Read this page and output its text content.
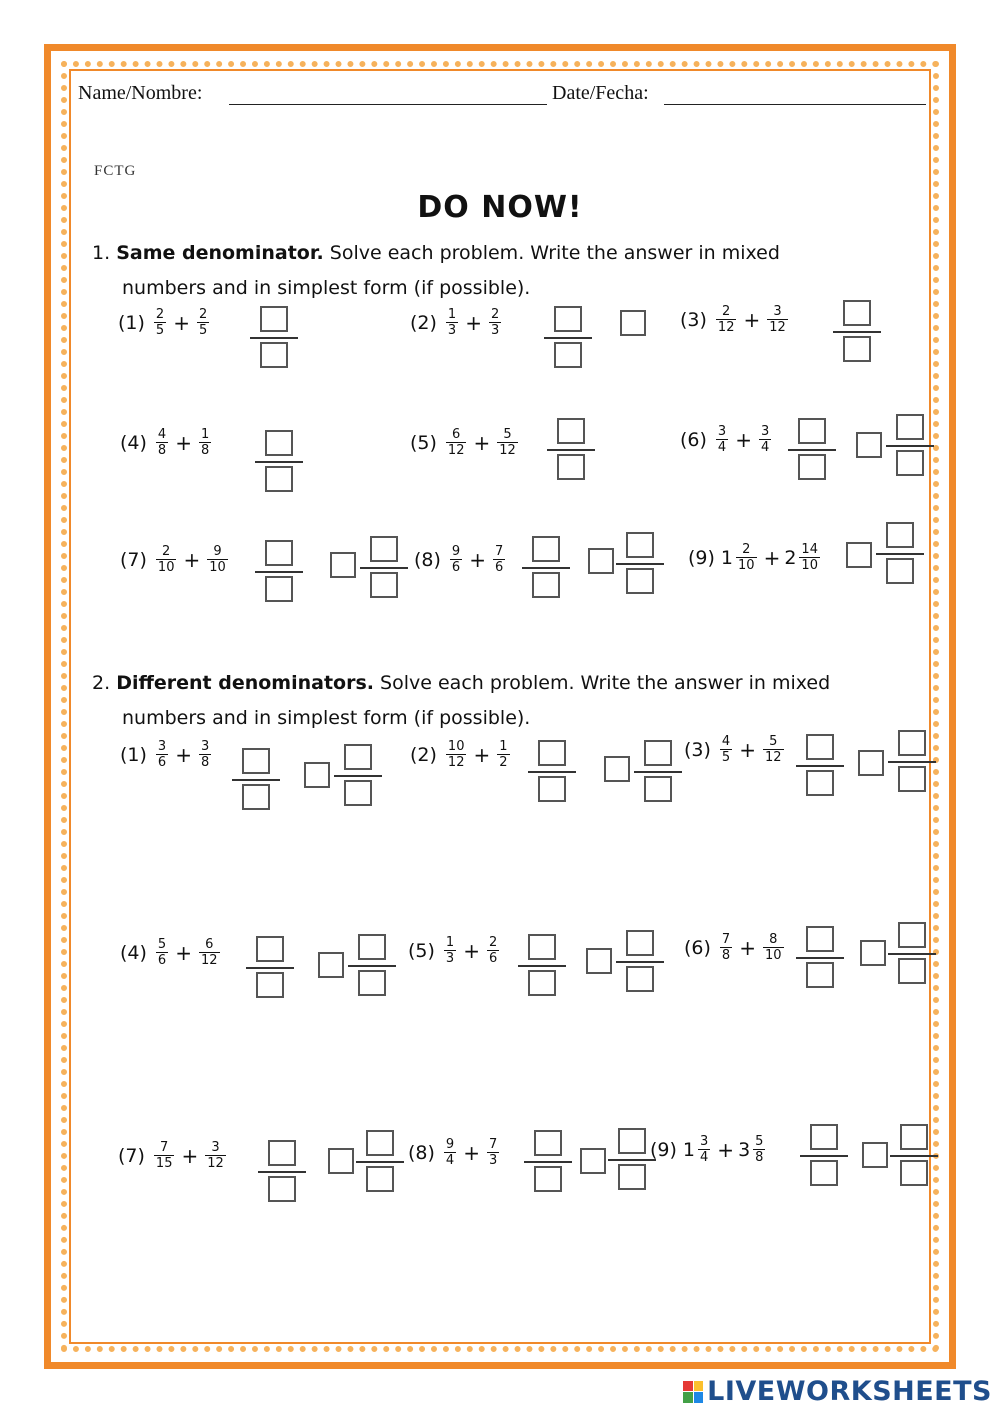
Name/Nombre:	Date/Fecha:
FCTG
DO NOW!
1. Same denominator. Solve each problem. Write the answer in mixed
numbers and in simplest form (if possible).
2. Different denominators. Solve each problem. Write the answer in mixed
numbers and in simplest form (if possible).
$(1) \frac{2}{5} + \frac{2}{5}$	$(2) \frac{1}{3} + \frac{2}{3}$	$(3) \frac{2}{12} + \frac{3}{12}$
$(4) \frac{4}{8} + \frac{1}{8}$	$(5) \frac{6}{12} + \frac{5}{12}$	$(6) \frac{3}{4} + \frac{3}{4}$
$(7) \frac{2}{10} + \frac{9}{10}$	$(8) \frac{9}{6} + \frac{7}{6}$	(9) $1 \frac{2}{10} + 2 \frac{14}{10}$
$(1) \frac{3}{6} + \frac{3}{8}$	$(2) \frac{10}{12} + \frac{1}{2}$	$(3) \frac{4}{5} + \frac{5}{12}$
$(4) \frac{5}{6} + \frac{6}{12}$	$(5) \frac{1}{3} + \frac{2}{6}$	$(6) \frac{7}{8} + \frac{8}{10}$
$(7) \frac{7}{15} + \frac{3}{12}$	$(8) \frac{9}{4} + \frac{7}{3}$	(9) $1 \frac{3}{4} + 3 \frac{5}{8}$
LIVEWORKSHEETS
